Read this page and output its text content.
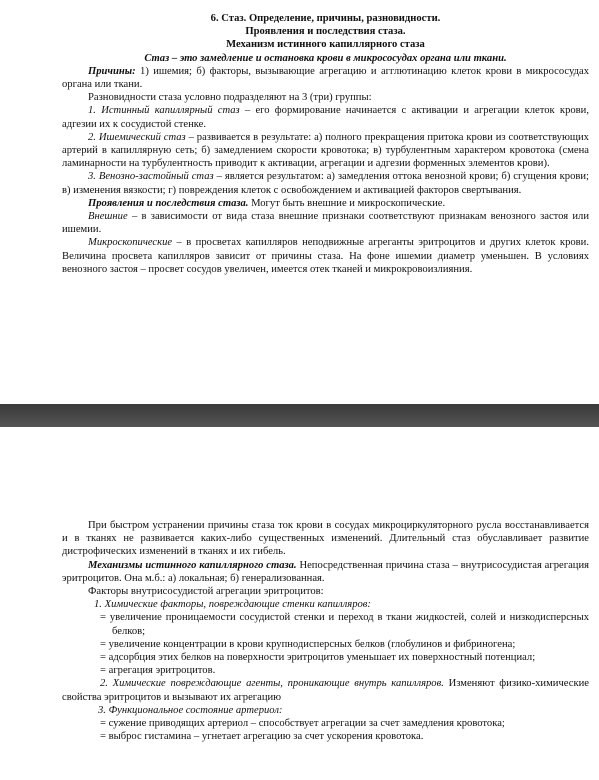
6. Стаз. Определение, причины, разновидности.

Проявления и последствия стаза.

Механизм истинного капиллярного стаза

Стаз – это замедление и остановка крови в микрососудах органа или ткани.

Причины: 1) ишемия; б) факторы, вызывающие агрегацию и агглютинацию клеток крови в микрососудах органа или ткани.

Разновидности стаза условно подразделяют на 3 (три) группы:

1. Истинный капиллярный стаз – его формирование начинается с активации и агрегации клеток крови, адгезии их к сосудистой стенке.

2. Ишемический стаз – развивается в результате: а) полного прекращения притока крови из соответствующих артерий в капиллярную сеть; б) замедлением скорости кровотока; в) турбулентным характером кровотока (смена ламинарности на турбулентность приводит к активации, агрегации и адгезии форменных элементов крови).

3. Венозно-застойный стаз – является результатом: а) замедления оттока венозной крови; б) сгущения крови; в) изменения вязкости; г) повреждения клеток с освобождением и активацией факторов свертывания.

Проявления и последствия стаза. Могут быть внешние и микроскопические.

Внешние – в зависимости от вида стаза внешние признаки соответствуют признакам венозного застоя или ишемии.

Микроскопические – в просветах капилляров неподвижные агреганты эритроцитов и других клеток крови. Величина просвета капилляров зависит от причины стаза. На фоне ишемии диаметр уменьшен. В условиях венозного застоя – просвет сосудов увеличен, имеется отек тканей и микрокровоизлияния.

При быстром устранении причины стаза ток крови в сосудах микроциркуляторного русла восстанавливается и в тканях не развивается каких-либо существенных изменений. Длительный стаз обуславливает развитие дистрофических изменений в тканях и их гибель.

Механизмы истинного капиллярного стаза. Непосредственная причина стаза – внутрисосудистая агрегация эритроцитов. Она м.б.: а) локальная; б) генерализованная.

Факторы внутрисосудистой агрегации эритроцитов:

1. Химические факторы, повреждающие стенки капилляров:

= увеличение проницаемости сосудистой стенки и переход в ткани жидкостей, солей и низкодисперсных белков;

= увеличение концентрации в крови крупнодисперсных белков (глобулинов и фибриногена;

= адсорбция этих белков на поверхности эритроцитов уменьшает их поверхностный потенциал;

= агрегация эритроцитов.

2. Химические повреждающие агенты, проникающие внутрь капилляров. Изменяют физико-химические свойства эритроцитов и вызывают их агрегацию

3. Функциональное состояние артериол:

= сужение приводящих артериол – способствует агрегации за счет замедления кровотока;

= выброс гистамина – угнетает агрегацию за счет ускорения кровотока.
